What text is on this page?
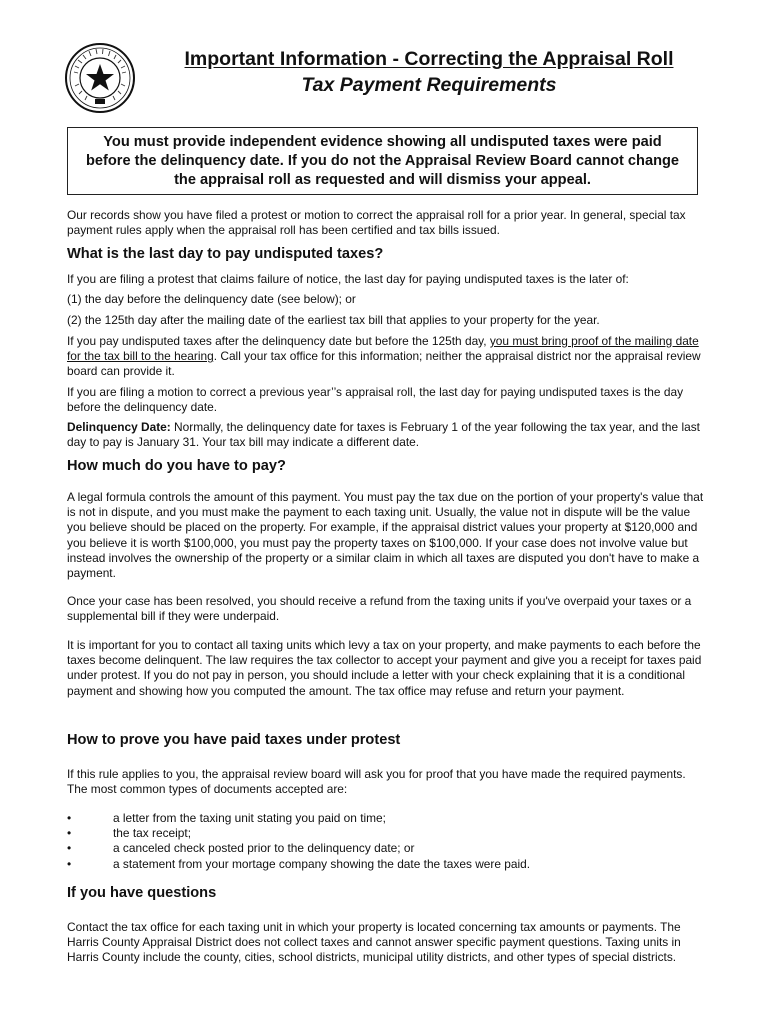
Important Information - Correcting the Appraisal Roll
Tax Payment Requirements
You must provide independent evidence showing all undisputed taxes were paid before the delinquency date. If you do not the Appraisal Review Board cannot change the appraisal roll as requested and will dismiss your appeal.
Our records show you have filed a protest or motion to correct the appraisal roll for a prior year. In general, special tax payment rules apply when the appraisal roll has been certified and tax bills issued.
What is the last day to pay undisputed taxes?
If you are filing a protest that claims failure of notice, the last day for paying undisputed taxes is the later of:
(1) the day before the delinquency date (see below); or
(2) the 125th day after the mailing date of the earliest tax bill that applies to your property for the year.
If you pay undisputed taxes after the delinquency date but before the 125th day, you must bring proof of the mailing date for the tax bill to the hearing. Call your tax office for this information; neither the appraisal district nor the appraisal review board can provide it.
If you are filing a motion to correct a previous year’’s appraisal roll, the last day for paying undisputed taxes is the day before the delinquency date.
Delinquency Date: Normally, the delinquency date for taxes is February 1 of the year following the tax year, and the last day to pay is January 31. Your tax bill may indicate a different date.
How much do you have to pay?
A legal formula controls the amount of this payment. You must pay the tax due on the portion of your property's value that is not in dispute, and you must make the payment to each taxing unit. Usually, the value not in dispute will be the value you believe should be placed on the property. For example, if the appraisal district values your property at $120,000 and you believe it is worth $100,000, you must pay the property taxes on $100,000. If your case does not involve value but instead involves the ownership of the property or a similar claim in which all taxes are disputed you don't have to make a payment.
Once your case has been resolved, you should receive a refund from the taxing units if you've overpaid your taxes or a supplemental bill if they were underpaid.
It is important for you to contact all taxing units which levy a tax on your property, and make payments to each before the taxes become delinquent. The law requires the tax collector to accept your payment and give you a receipt for taxes paid under protest. If you do not pay in person, you should include a letter with your check explaining that it is a conditional payment and showing how you computed the amount. The tax office may refuse and return your payment.
How to prove you have paid taxes under protest
If this rule applies to you, the appraisal review board will ask you for proof that you have made the required payments. The most common types of documents accepted are:
•	a letter from the taxing unit stating you paid on time;
•	the tax receipt;
•	a canceled check posted prior to the delinquency date; or
•	a statement from your mortage company showing the date the taxes were paid.
If you have questions
Contact the tax office for each taxing unit in which your property is located concerning tax amounts or payments. The Harris County Appraisal District does not collect taxes and cannot answer specific payment questions. Taxing units in Harris County include the county, cities, school districts, municipal utility districts, and other types of special districts.
